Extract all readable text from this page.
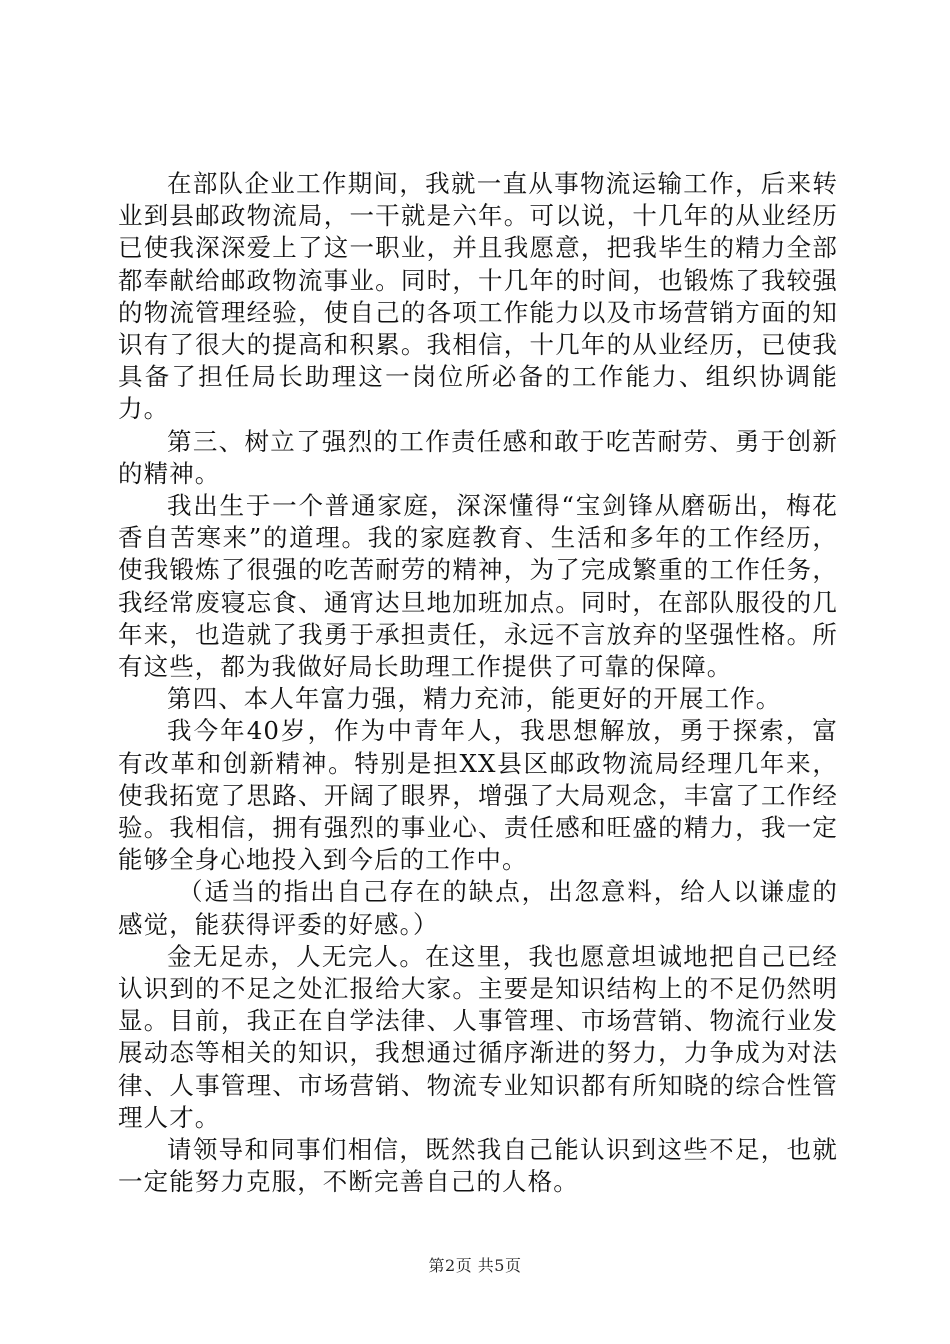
在部队企业工作期间，我就一直从事物流运输工作，后来转业到县邮政物流局，一干就是六年。可以说，十几年的从业经历已使我深深爱上了这一职业，并且我愿意，把我毕生的精力全部都奉献给邮政物流事业。同时，十几年的时间，也锻炼了我较强的物流管理经验，使自己的各项工作能力以及市场营销方面的知识有了很大的提高和积累。我相信，十几年的从业经历，已使我具备了担任局长助理这一岗位所必备的工作能力、组织协调能力。

第三、树立了强烈的工作责任感和敢于吃苦耐劳、勇于创新的精神。

我出生于一个普通家庭，深深懂得“宝剑锋从磨砺出，梅花香自苦寒来”的道理。我的家庭教育、生活和多年的工作经历，使我锻炼了很强的吃苦耐劳的精神，为了完成繁重的工作任务，我经常废寝忘食、通宵达旦地加班加点。同时，在部队服役的几年来，也造就了我勇于承担责任，永远不言放弃的坚强性格。所有这些，都为我做好局长助理工作提供了可靠的保障。

第四、本人年富力强，精力充沛，能更好的开展工作。

我今年40岁，作为中青年人，我思想解放，勇于探索，富有改革和创新精神。特别是担XX县区邮政物流局经理几年来，使我拓宽了思路、开阔了眼界，增强了大局观念，丰富了工作经验。我相信，拥有强烈的事业心、责任感和旺盛的精力，我一定能够全身心地投入到今后的工作中。

（适当的指出自己存在的缺点，出忽意料，给人以谦虚的感觉，能获得评委的好感。）

金无足赤，人无完人。在这里，我也愿意坦诚地把自己已经认识到的不足之处汇报给大家。主要是知识结构上的不足仍然明显。目前，我正在自学法律、人事管理、市场营销、物流行业发展动态等相关的知识，我想通过循序渐进的努力，力争成为对法律、人事管理、市场营销、物流专业知识都有所知晓的综合性管理人才。

请领导和同事们相信，既然我自己能认识到这些不足，也就一定能努力克服，不断完善自己的人格。

第2页 共5页
